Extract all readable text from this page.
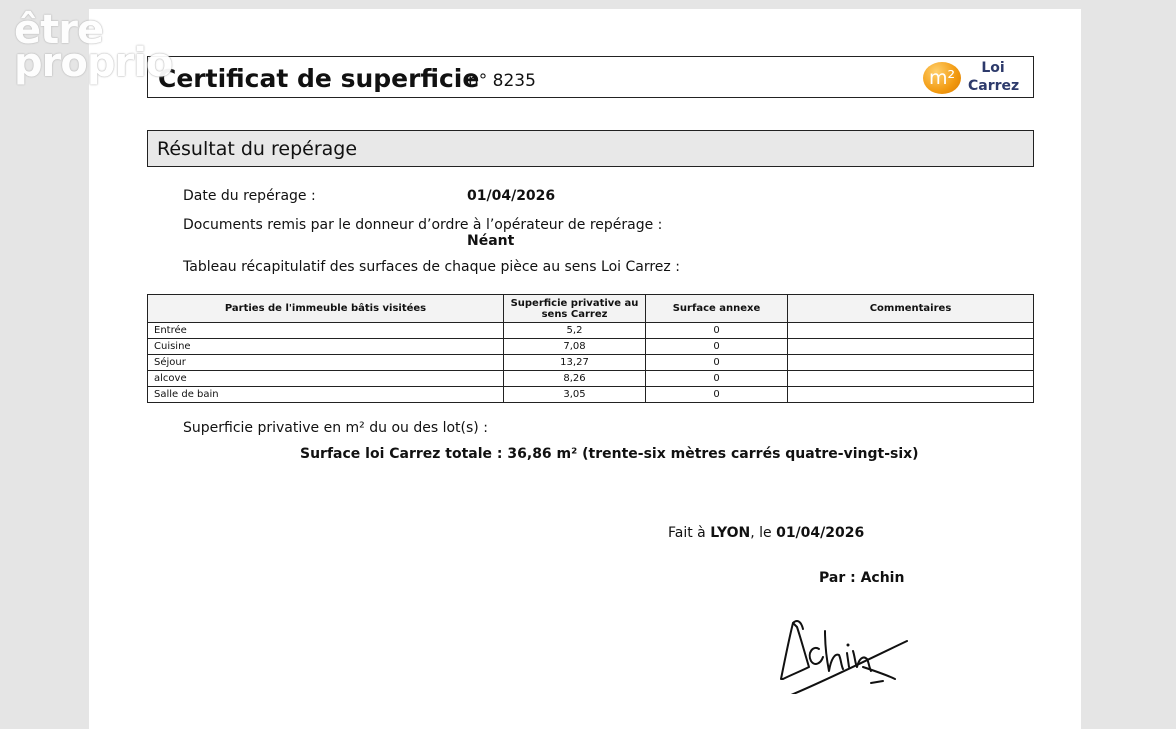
être
proprio
Certificat de superficie
n° 8235	m²	Loi
Carrez
Résultat du repérage
Date du repérage :	01/04/2026
Documents remis par le donneur d’ordre à l’opérateur de repérage :
Néant
Tableau récapitulatif des surfaces de chaque pièce au sens Loi Carrez :
Parties de l'immeuble bâtis visitées	Superficie privative au sens Carrez	Surface annexe	Commentaires
Entrée	5,2	0	
Cuisine	7,08	0	
Séjour	13,27	0	
alcove	8,26	0	
Salle de bain	3,05	0	
Superficie privative en m² du ou des lot(s) :
Surface loi Carrez totale : 36,86 m² (trente-six mètres carrés quatre-vingt-six)
Fait à LYON, le 01/04/2026
Par : Achin
